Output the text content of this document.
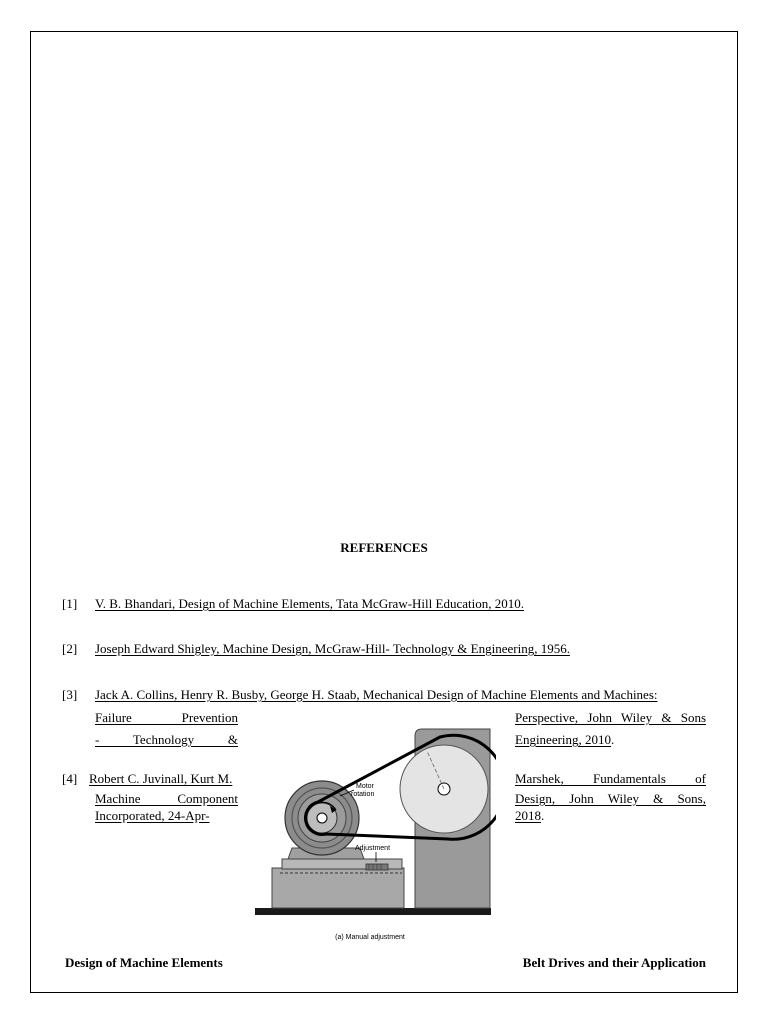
REFERENCES
[1] V. B. Bhandari, Design of Machine Elements, Tata McGraw-Hill Education, 2010.
[2] Joseph Edward Shigley, Machine Design, McGraw-Hill- Technology & Engineering, 1956.
[3] Jack A. Collins, Henry R. Busby, George H. Staab, Mechanical Design of Machine Elements and Machines:
Failure Prevention
- Technology &
Perspective, John Wiley & Sons
Engineering, 2010.
[4] Robert C. Juvinall, Kurt M.
Machine Component
Incorporated, 24-Apr-
Marshek, Fundamentals of
Design, John Wiley & Sons,
2018.
Motor
rotation
Adjustment
(a) Manual adjustment
Design of Machine Elements	Belt Drives and their Application
